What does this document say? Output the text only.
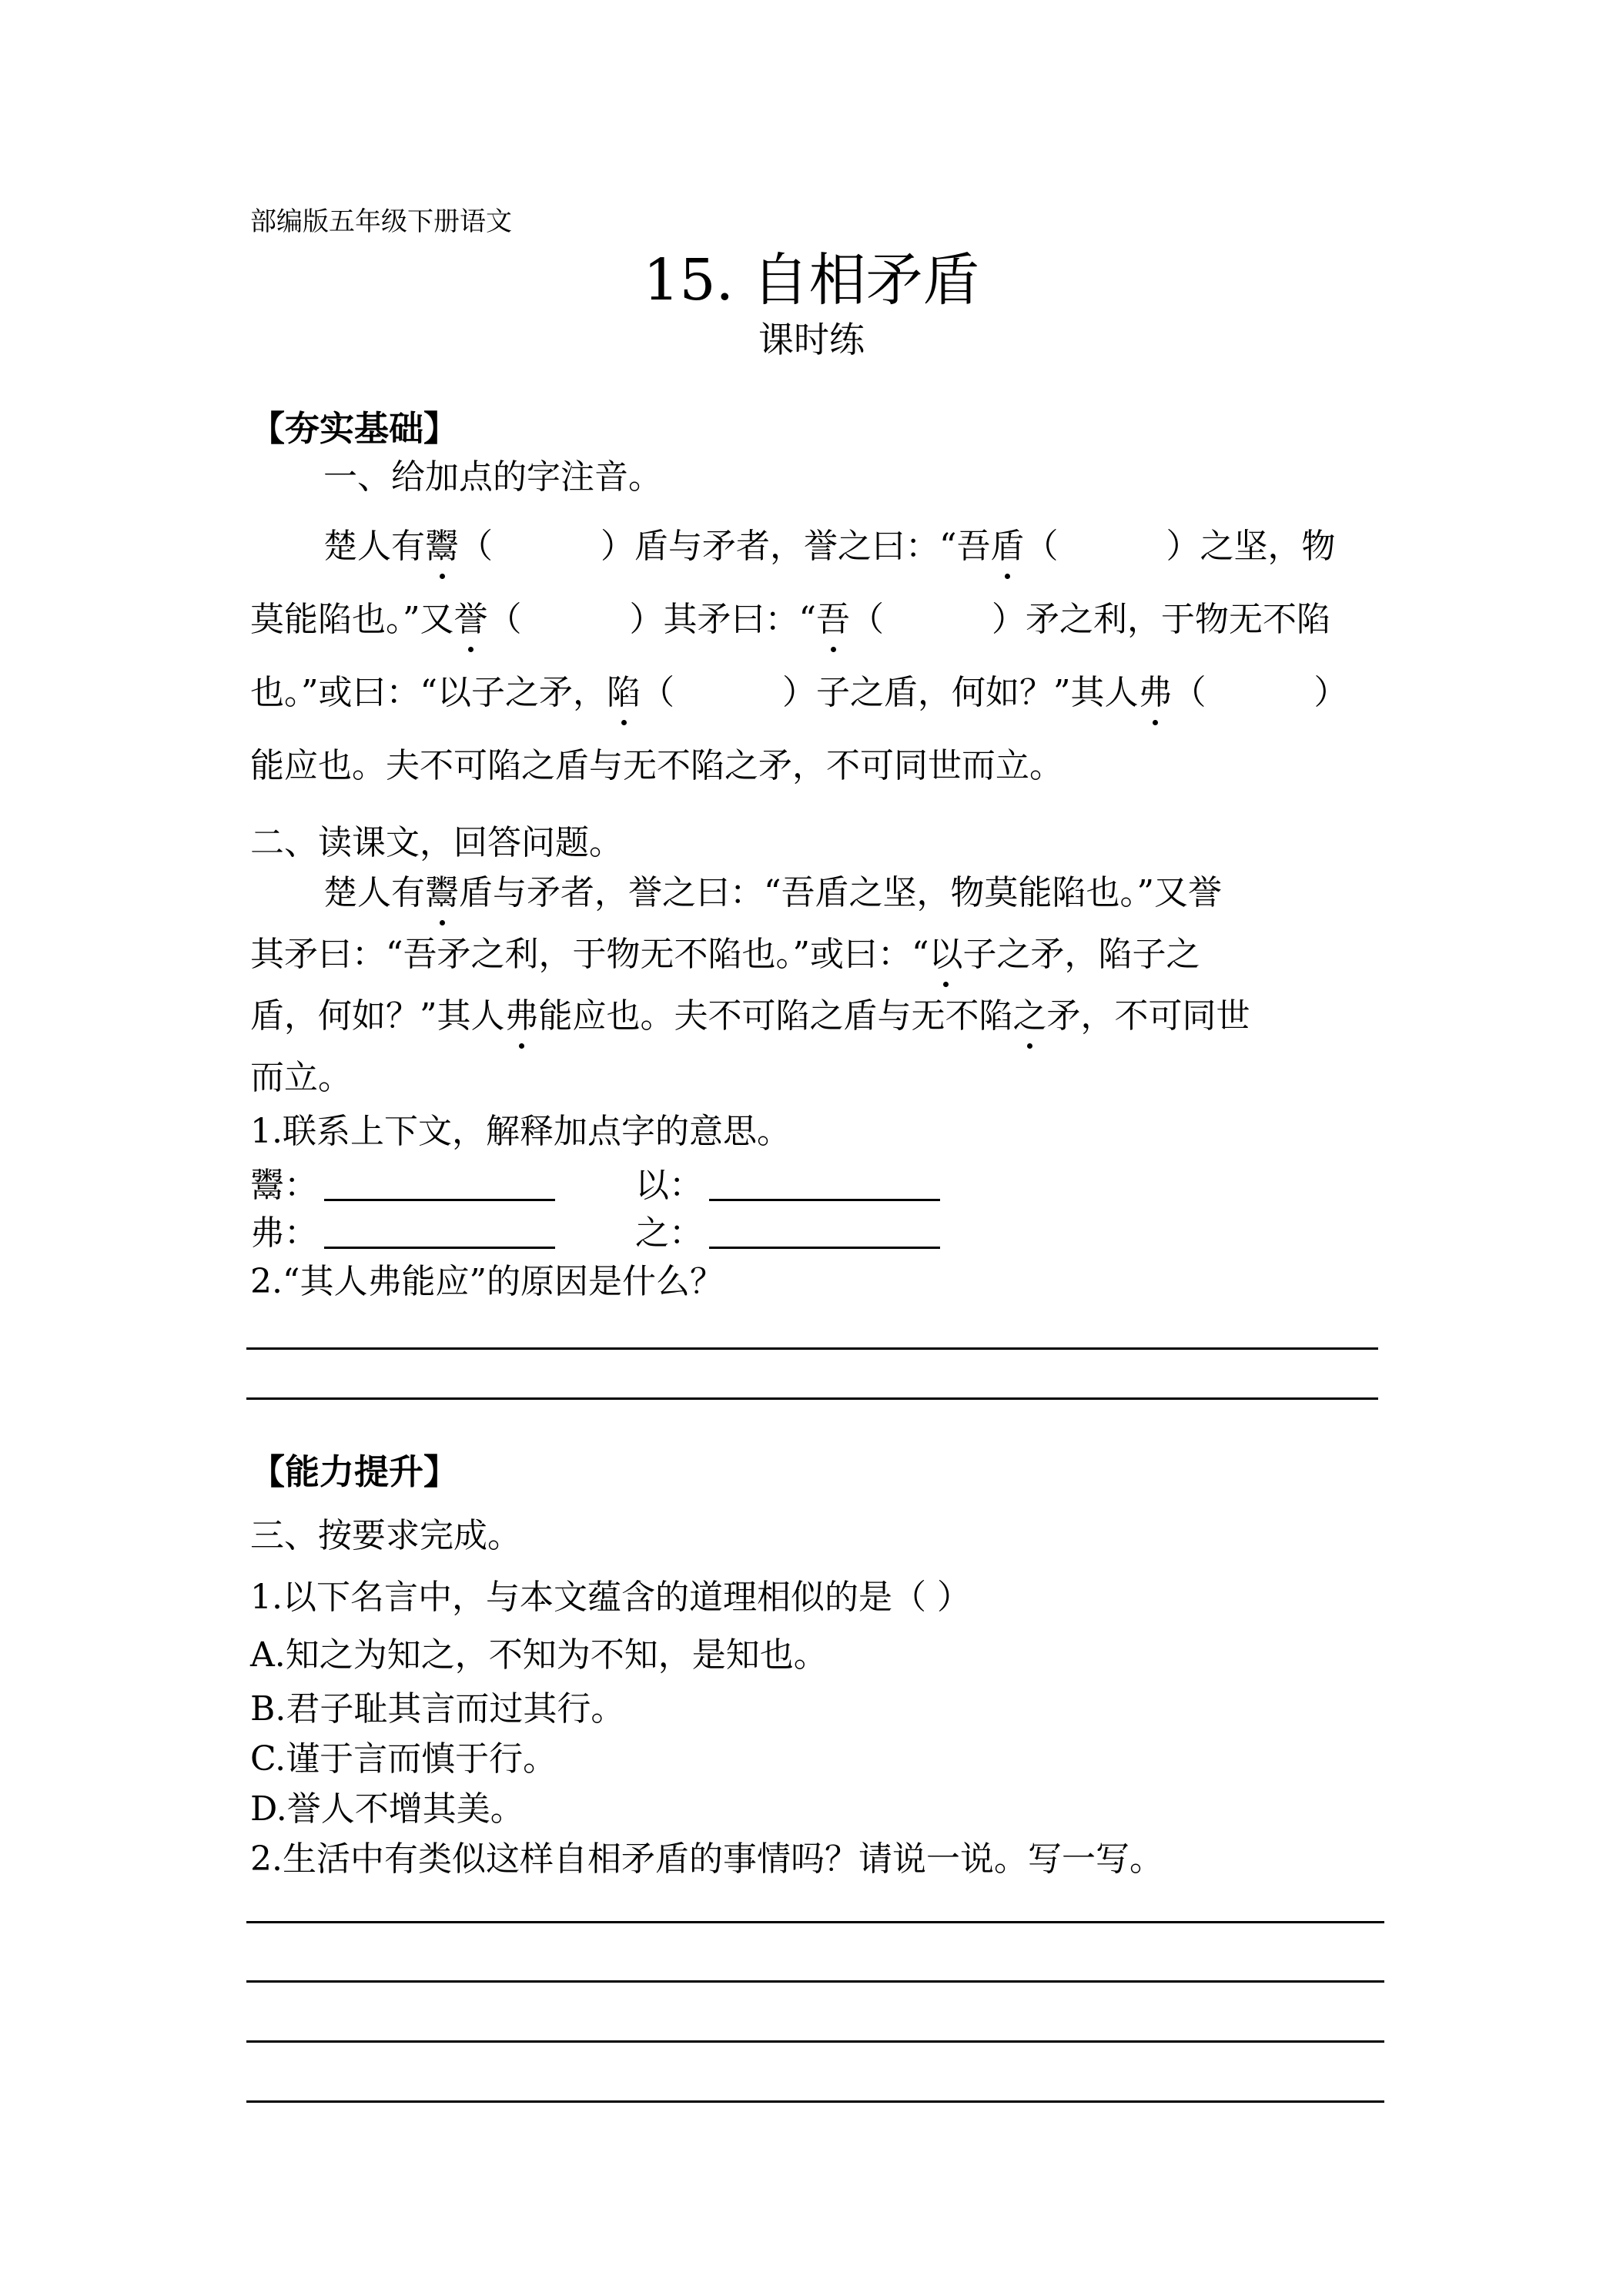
部编版五年级下册语文
15. 自相矛盾
课时练
【夯实基础】
一、给加点的字注音。
楚人有鬻（	）盾与矛者，誉之曰：“吾盾（	）之坚，物
莫能陷也。”又誉（	）其矛曰：“吾（	）矛之利，于物无不陷
也。”或曰：“以子之矛，陷（	）子之盾，何如？”其人弗（	）
能应也。夫不可陷之盾与无不陷之矛，不可同世而立。
二、读课文，回答问题。
楚人有鬻盾与矛者，誉之曰：“吾盾之坚，物莫能陷也。”又誉
其矛曰：“吾矛之利，于物无不陷也。”或曰：“以子之矛，陷子之
盾，何如？”其人弗能应也。夫不可陷之盾与无不陷之矛，不可同世
而立。
1.联系上下文，解释加点字的意思。
鬻：	以：
弗：	之：
2.“其人弗能应”的原因是什么？
【能力提升】
三、按要求完成。
1.以下名言中，与本文蕴含的道理相似的是（ ）
A.知之为知之，不知为不知，是知也。
B.君子耻其言而过其行。
C.谨于言而慎于行。
D.誉人不增其美。
2.生活中有类似这样自相矛盾的事情吗？请说一说。写一写。
